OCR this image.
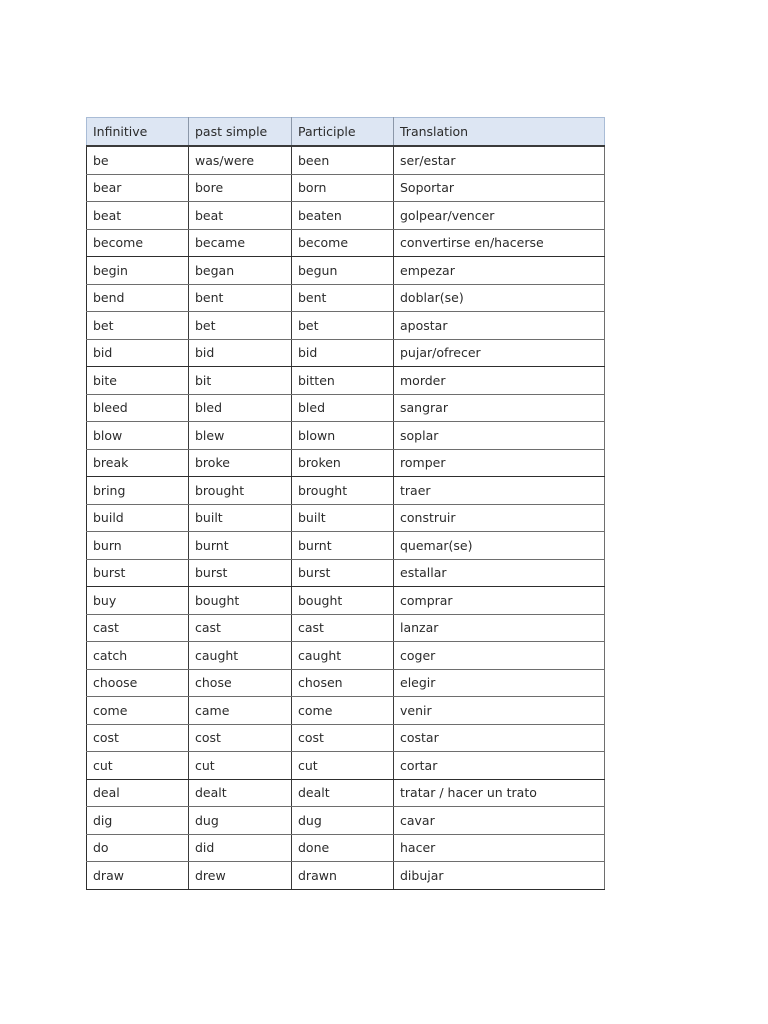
Infinitive	past simple	Participle	Translation
be	was/were	been	ser/estar
bear	bore	born	Soportar
beat	beat	beaten	golpear/vencer
become	became	become	convertirse en/hacerse
begin	began	begun	empezar
bend	bent	bent	doblar(se)
bet	bet	bet	apostar
bid	bid	bid	pujar/ofrecer
bite	bit	bitten	morder
bleed	bled	bled	sangrar
blow	blew	blown	soplar
break	broke	broken	romper
bring	brought	brought	traer
build	built	built	construir
burn	burnt	burnt	quemar(se)
burst	burst	burst	estallar
buy	bought	bought	comprar
cast	cast	cast	lanzar
catch	caught	caught	coger
choose	chose	chosen	elegir
come	came	come	venir
cost	cost	cost	costar
cut	cut	cut	cortar
deal	dealt	dealt	tratar / hacer un trato
dig	dug	dug	cavar
do	did	done	hacer
draw	drew	drawn	dibujar
